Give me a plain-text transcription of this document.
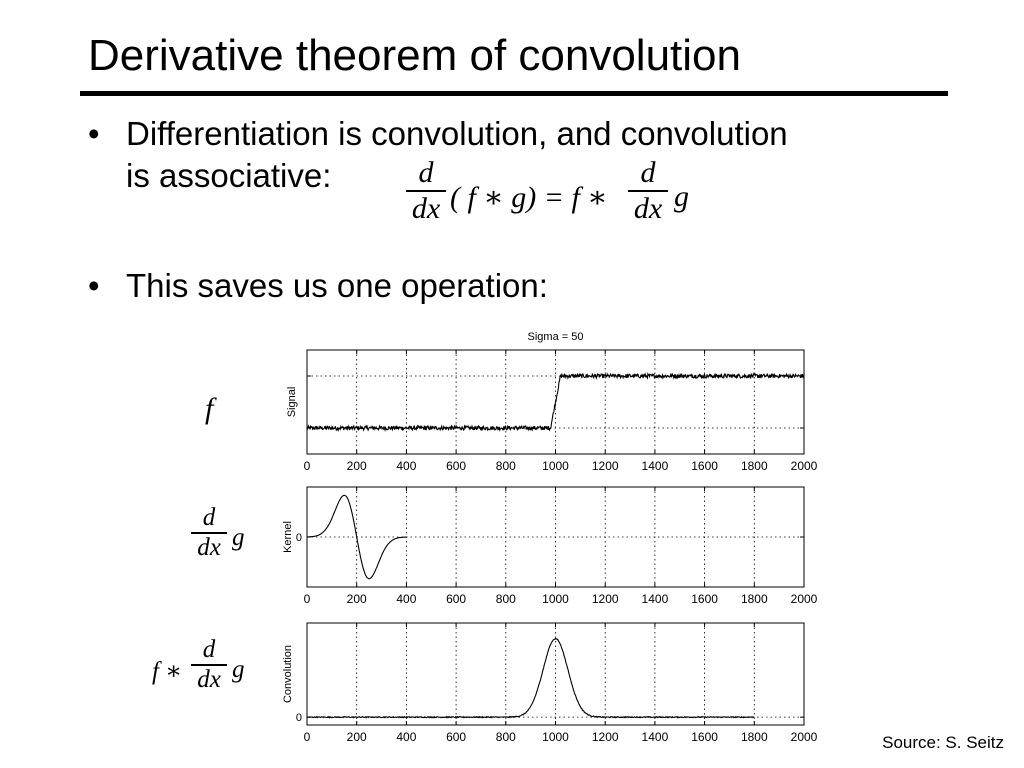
Derivative theorem of convolution
• Differentiation is convolution, and convolution
is associative:	d
dx ( f ∗ g) = f ∗
d
dx g
• This saves us one operation:
f
d
dx g
f ∗
d
dx g
0	200 400 600 800 1000 1200 1400 1600 1800 2000
Signal
Sigma = 50
0	200 400 600 800 1000 1200 1400 1600 1800 2000
0
Kernel
0	200 400 600 800 1000 1200 1400 1600 1800 2000
0
Convolution
Source: S. Seitz
